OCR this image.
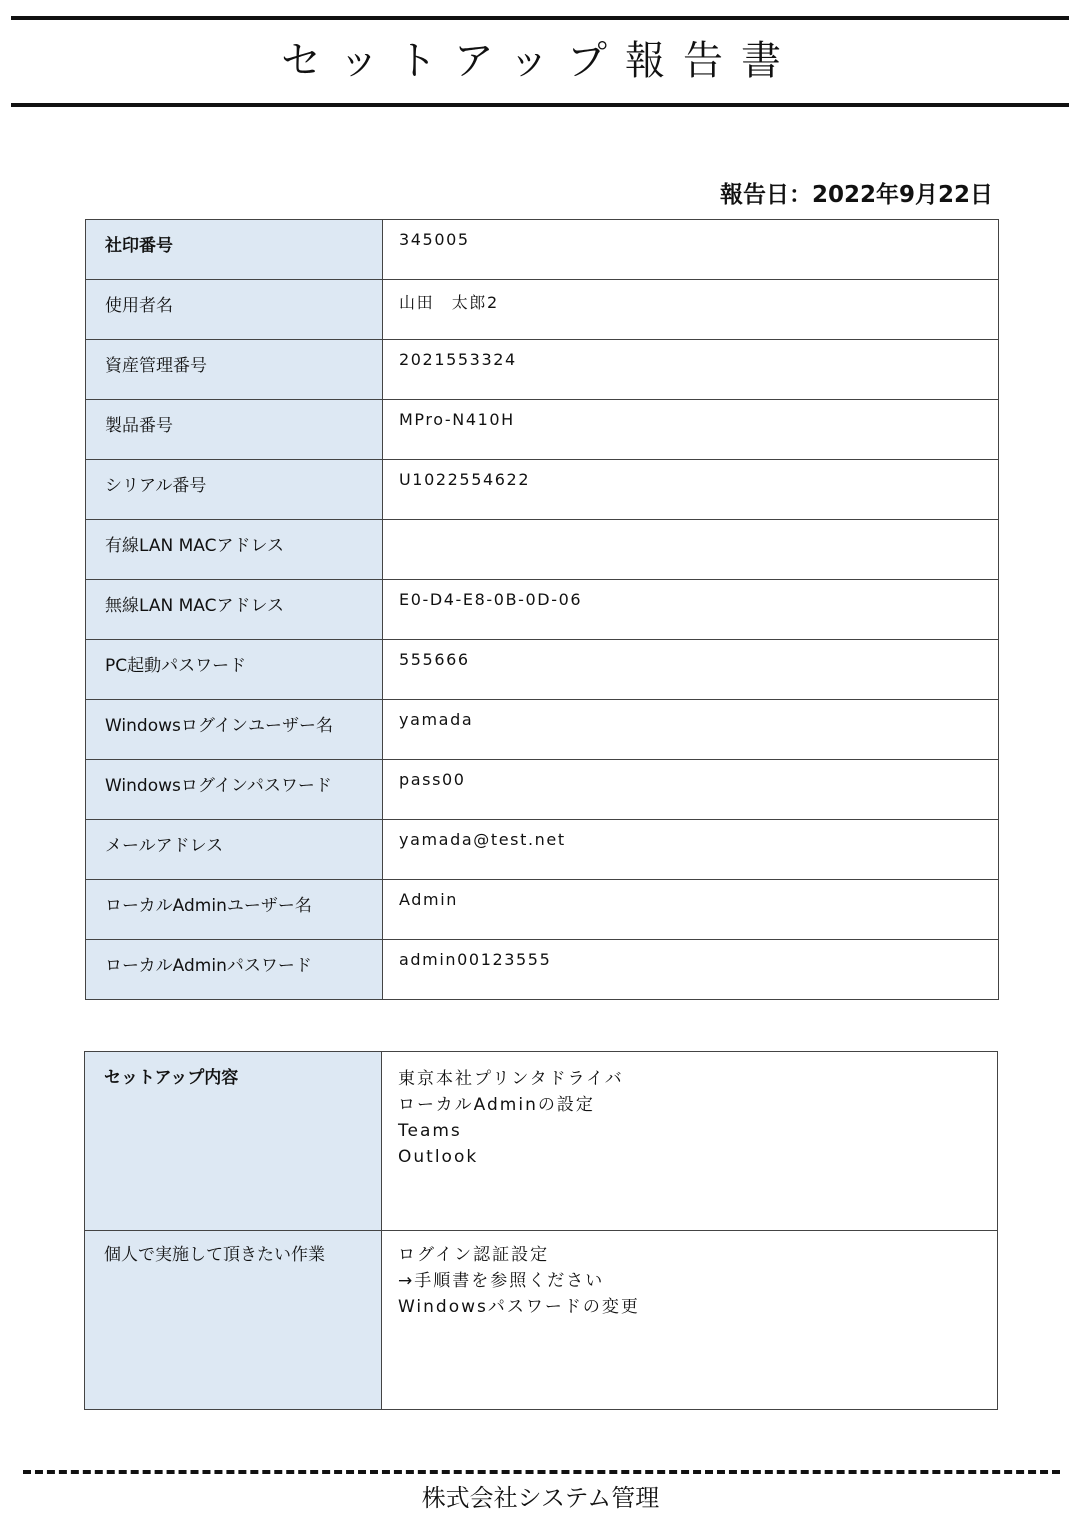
セットアップ報告書
報告日：2022年9月22日
社印番号	345005
使用者名	山田　太郎2
資産管理番号	2021553324
製品番号	MPro-N410H
シリアル番号	U1022554622
有線LAN MACアドレス	
無線LAN MACアドレス	E0-D4-E8-0B-0D-06
PC起動パスワード	555666
Windowsログインユーザー名	yamada
Windowsログインパスワード	pass00
メールアドレス	yamada@test.net
ローカルAdminユーザー名	Admin
ローカルAdminパスワード	admin00123555
セットアップ内容	東京本社プリンタドライバ
ローカルAdminの設定
Teams
Outlook

個人で実施して頂きたい作業	ログイン認証設定
→手順書を参照ください
Windowsパスワードの変更
株式会社システム管理
